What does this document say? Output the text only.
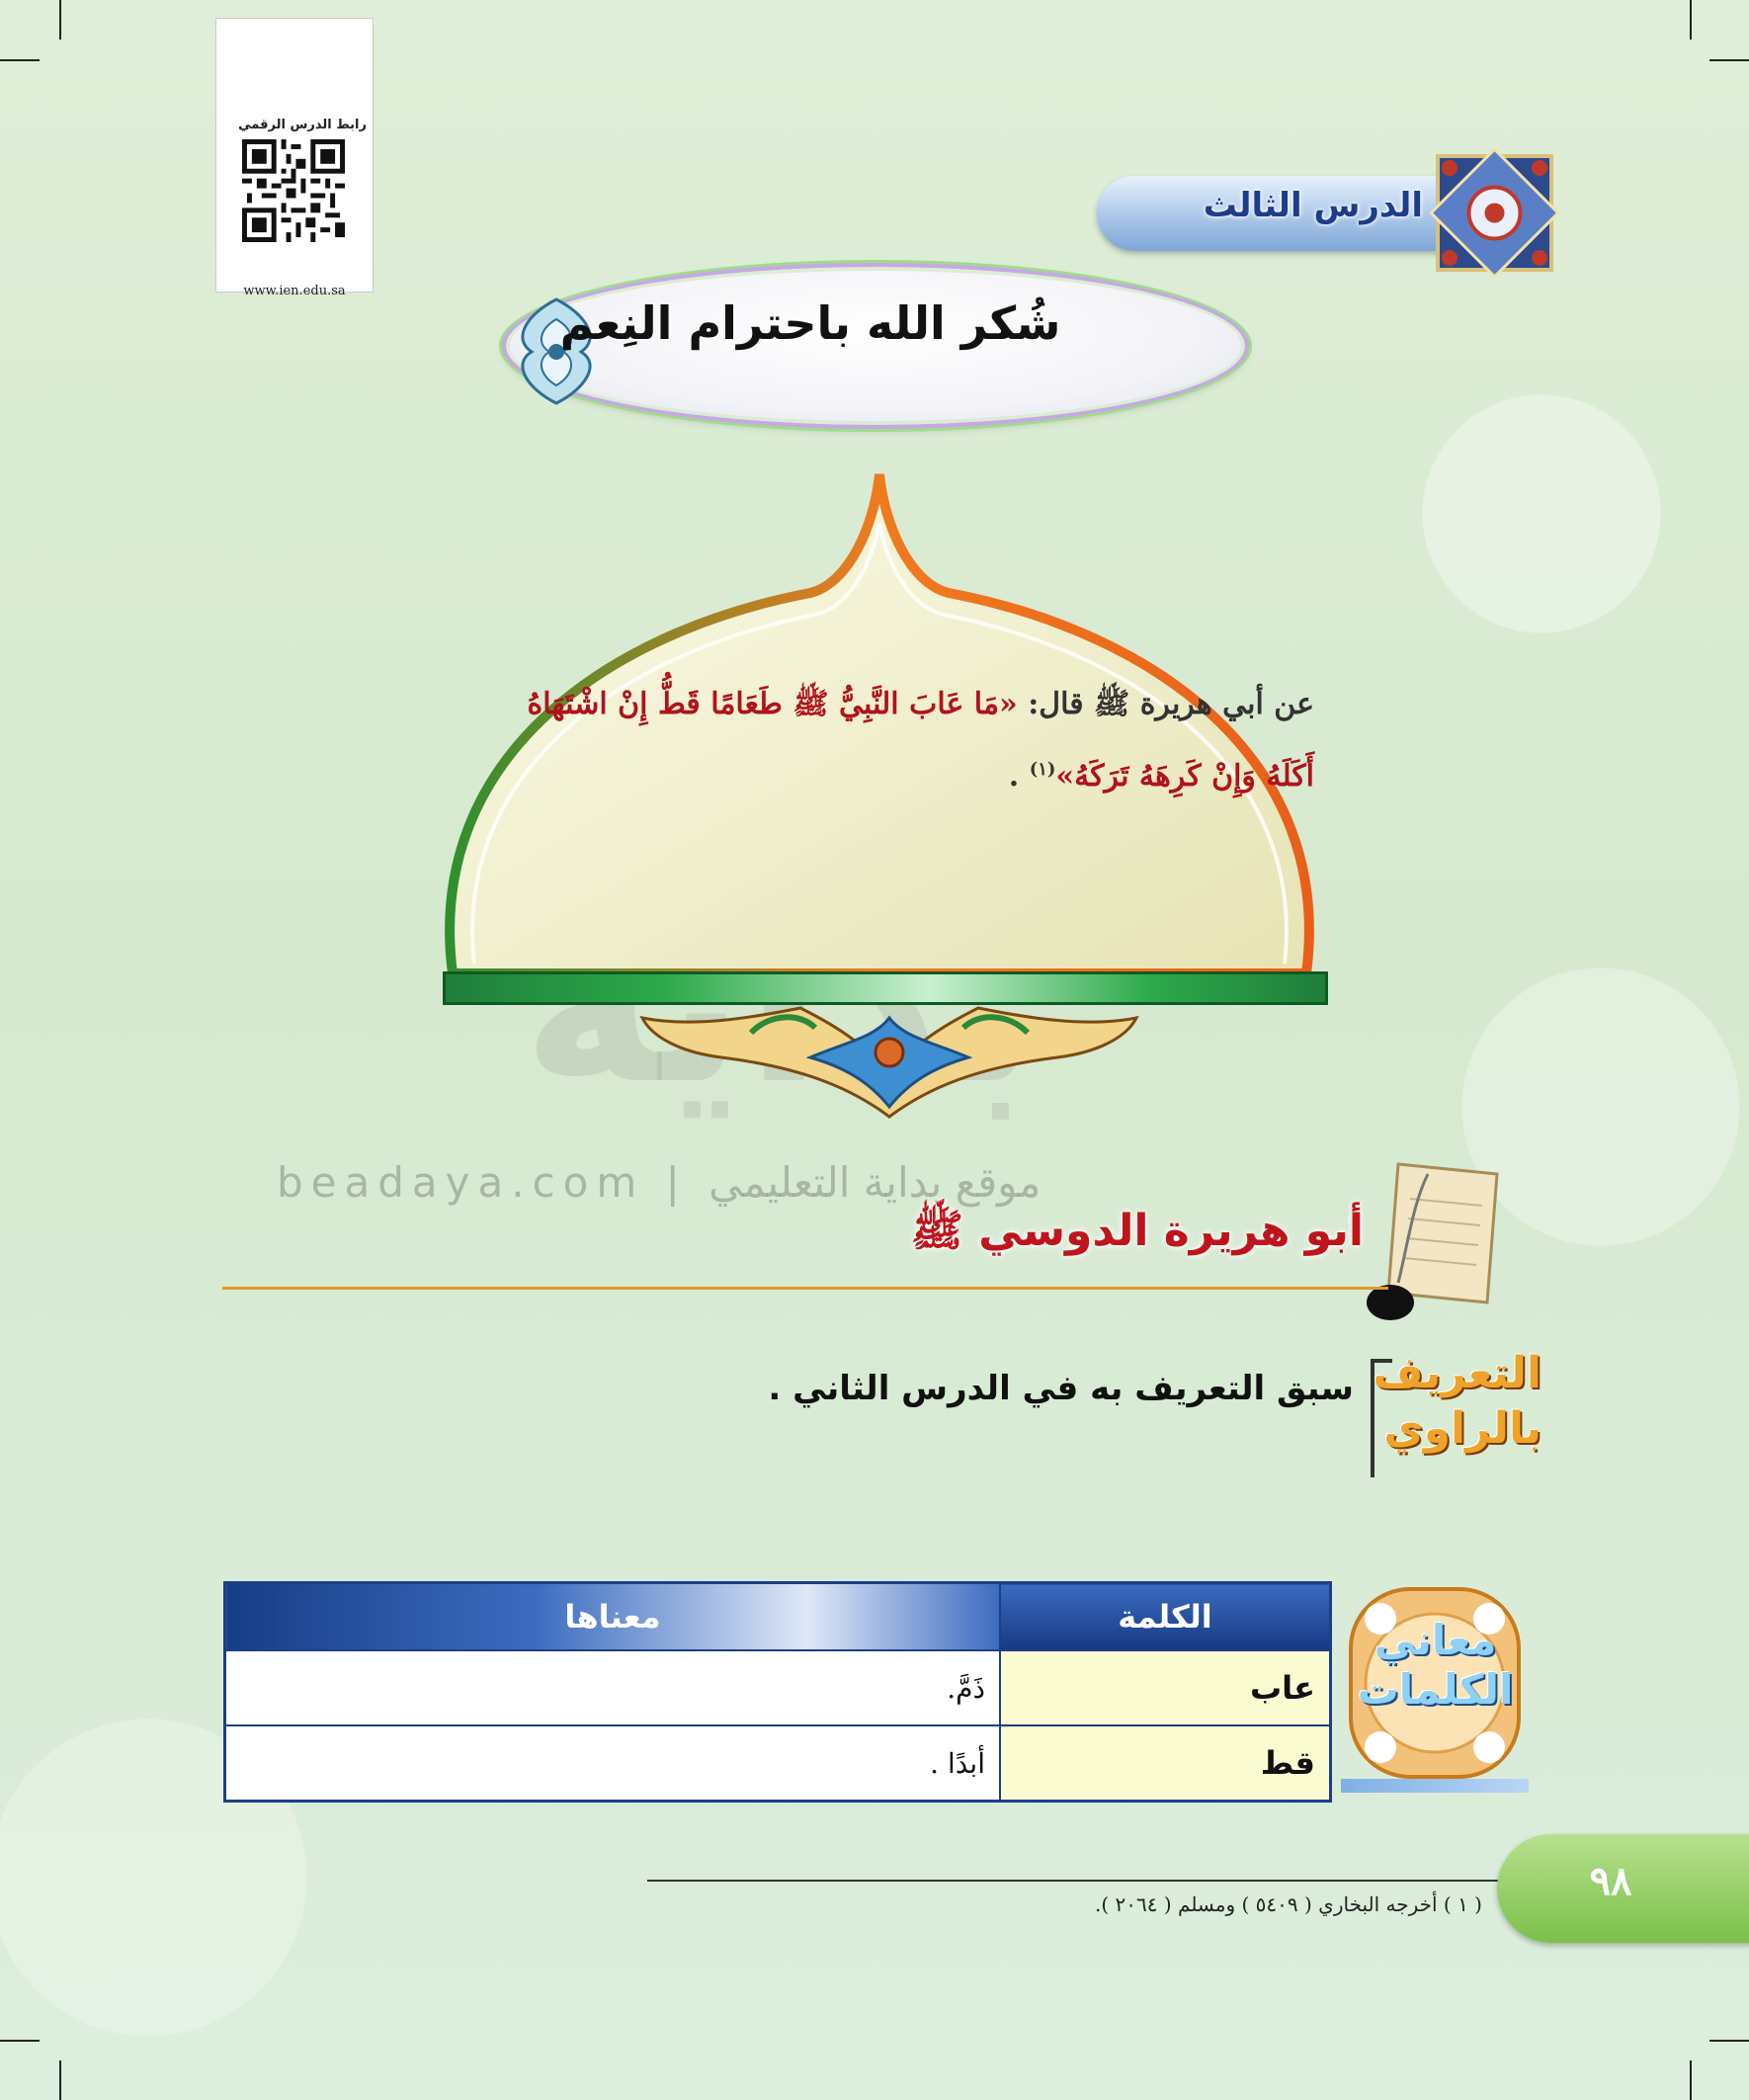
رابط الدرس الرقمي
www.ien.edu.sa
الدرس الثالث
شُكر الله باحترام النِعم
عن أبي هريرة ﷺ قال: «مَا عَابَ النَّبِيُّ ﷺ طَعَامًا قَطُّ إِنْ اشْتَهَاهُ أَكَلَهُ وَإِنْ كَرِهَهُ تَرَكَهُ»$^{(١)}$ .
beadaya.com | موقع بداية التعليمي
أبو هريرة الدوسي ﷺ
التعريف
بالراوي
سبق التعريف به في الدرس الثاني .
معاني
الكلمات
الكلمة	معناها
عاب	ذَمَّ.
قط	أبدًا .
( ١ ) أخرجه البخاري ( ٥٤٠٩ ) ومسلم ( ٢٠٦٤ ).	٩٨
